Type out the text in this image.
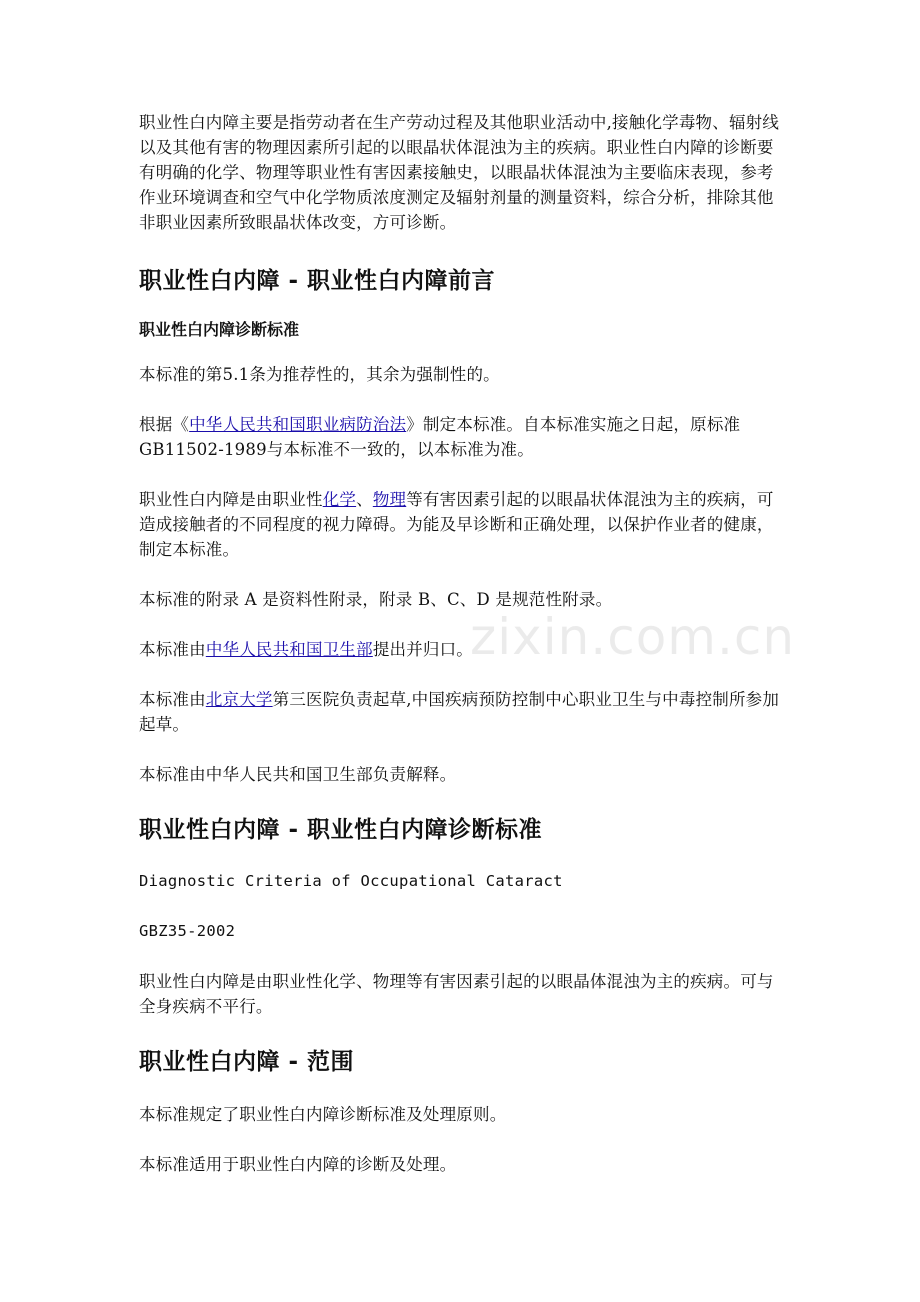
职业性白内障主要是指劳动者在生产劳动过程及其他职业活动中,接触化学毒物、辐射线以及其他有害的物理因素所引起的以眼晶状体混浊为主的疾病。职业性白内障的诊断要有明确的化学、物理等职业性有害因素接触史，以眼晶状体混浊为主要临床表现，参考作业环境调查和空气中化学物质浓度测定及辐射剂量的测量资料，综合分析，排除其他非职业因素所致眼晶状体改变，方可诊断。

职业性白内障 - 职业性白内障前言
职业性白内障诊断标准

本标准的第5.1条为推荐性的，其余为强制性的。

根据《中华人民共和国职业病防治法》制定本标准。自本标准实施之日起，原标准 GB11502-1989与本标准不一致的，以本标准为准。

职业性白内障是由职业性化学、物理等有害因素引起的以眼晶状体混浊为主的疾病，可造成接触者的不同程度的视力障碍。为能及早诊断和正确处理，以保护作业者的健康，制定本标准。

本标准的附录 A 是资料性附录，附录 B、C、D 是规范性附录。

本标准由中华人民共和国卫生部提出并归口。

本标准由北京大学第三医院负责起草,中国疾病预防控制中心职业卫生与中毒控制所参加起草。

本标准由中华人民共和国卫生部负责解释。

职业性白内障 - 职业性白内障诊断标准

Diagnostic Criteria of Occupational Cataract

GBZ35-2002

职业性白内障是由职业性化学、物理等有害因素引起的以眼晶体混浊为主的疾病。可与全身疾病不平行。

职业性白内障 - 范围

本标准规定了职业性白内障诊断标准及处理原则。

本标准适用于职业性白内障的诊断及处理。

zixin.com.cn
